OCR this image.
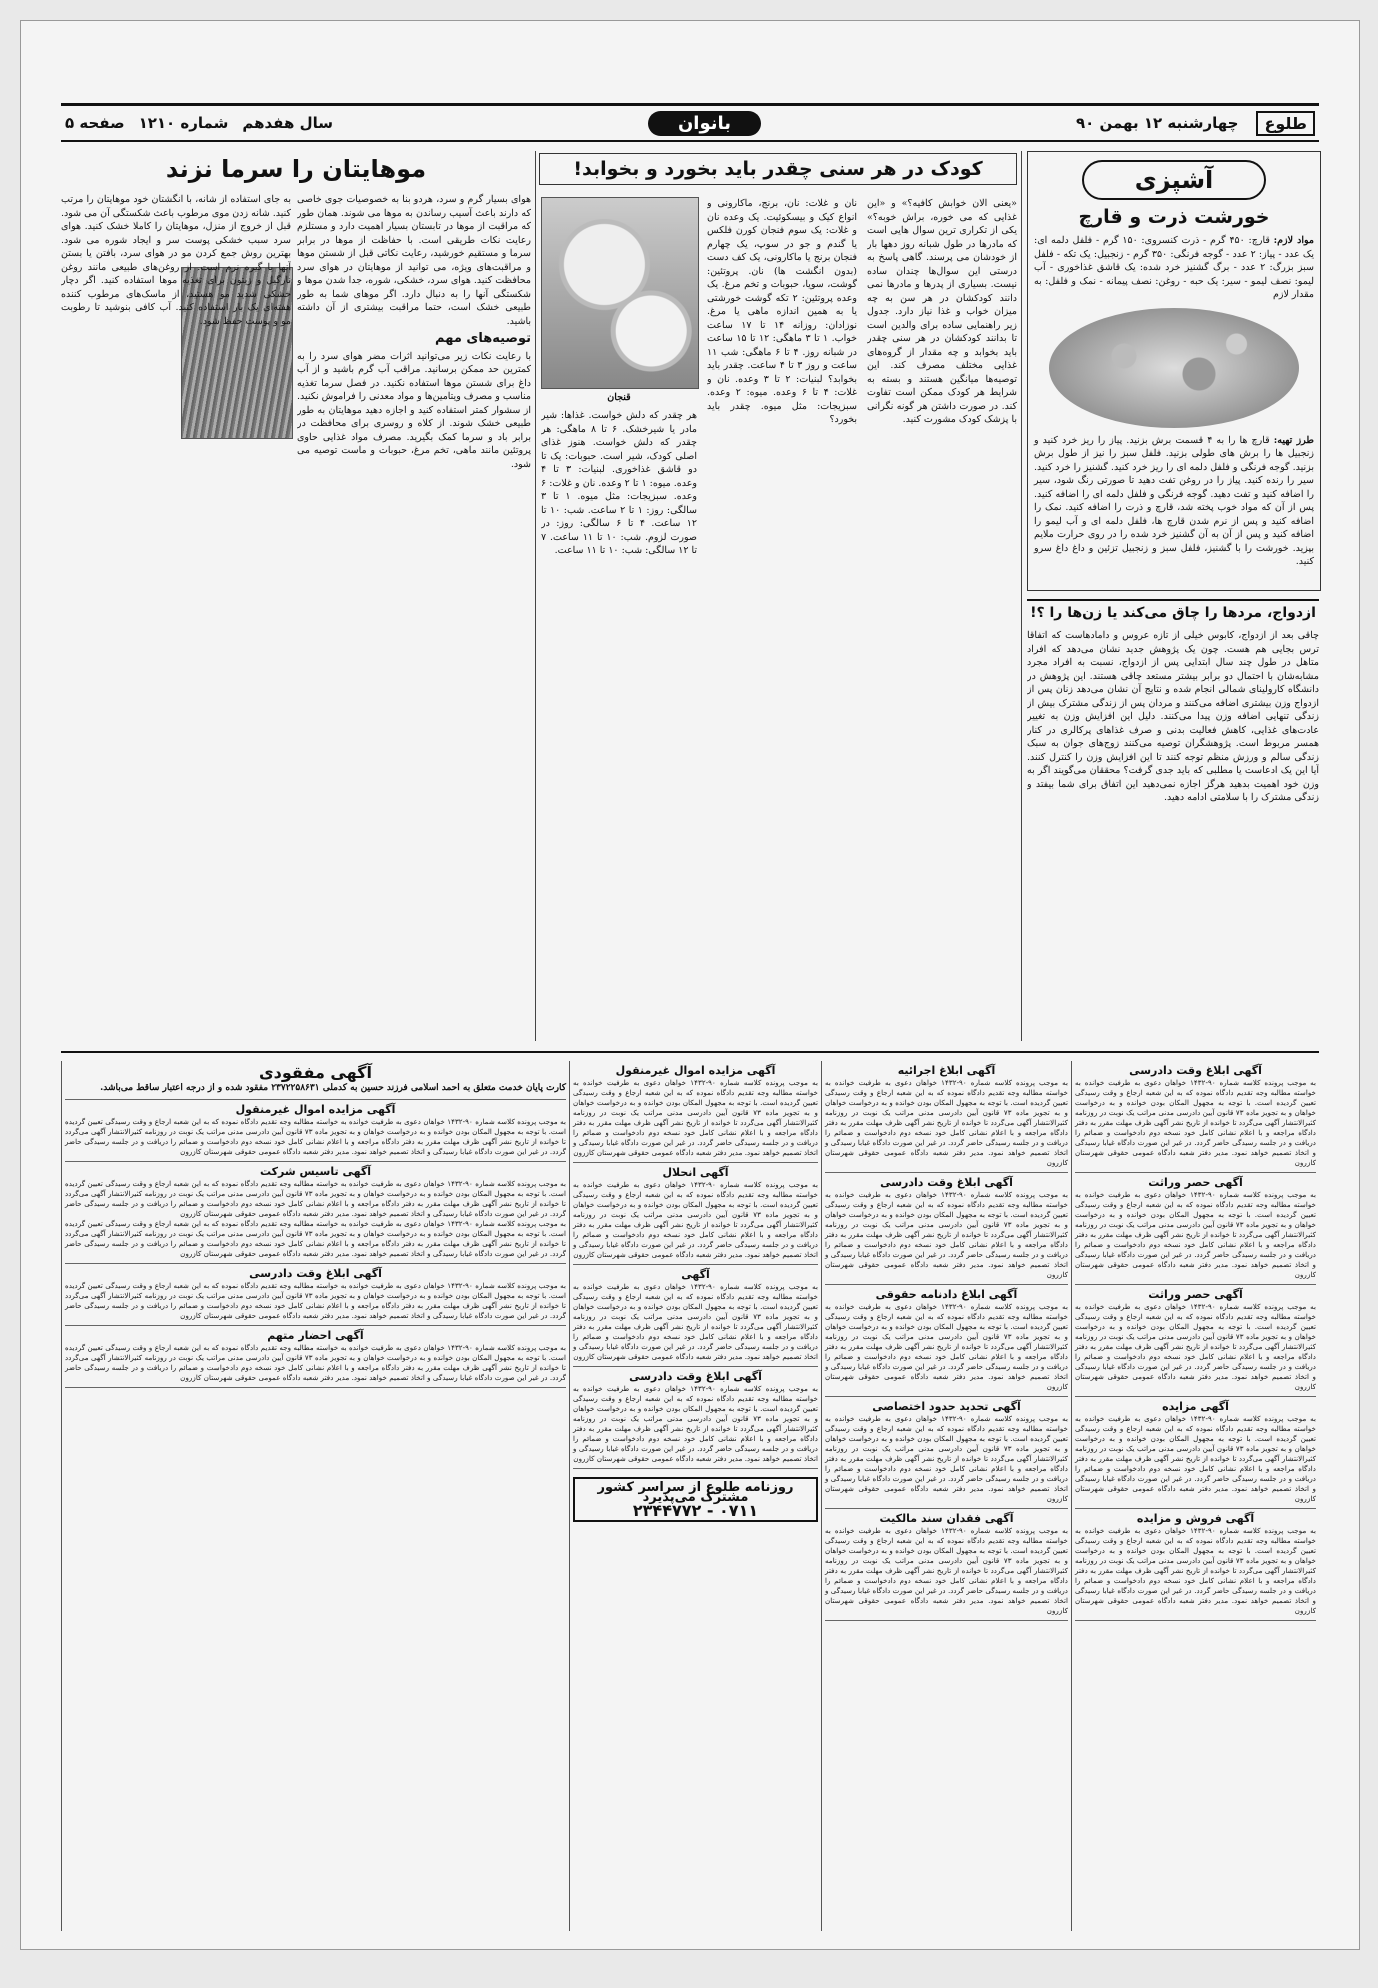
طلوع
چهارشنبه ۱۲ بهمن ۹۰
بانوان
سال هفدهم
شماره ۱۲۱۰
صفحه ۵
آشپزی
خورشت ذرت و قارچ
مواد لازم: قارچ: ۴۵۰ گرم - ذرت کنسروی: ۱۵۰ گرم - فلفل دلمه ای: یک عدد - پیاز: ۲ عدد - گوجه فرنگی: ۳۵۰ گرم - زنجبیل: یک تکه - فلفل سبز بزرگ: ۲ عدد - برگ گشنیز خرد شده: یک قاشق غذاخوری - آب لیمو: نصف لیمو - سیر: یک حبه - روغن: نصف پیمانه - نمک و فلفل: به مقدار لازم
طرز تهیه: قارچ ها را به ۴ قسمت برش بزنید. پیاز را ریز خرد کنید و زنجبیل ها را برش های طولی بزنید. فلفل سبز را نیز از طول برش بزنید. گوجه فرنگی و فلفل دلمه ای را ریز خرد کنید. گشنیز را خرد کنید. سیر را رنده کنید. پیاز را در روغن تفت دهید تا صورتی رنگ شود، سیر را اضافه کنید و تفت دهید. گوجه فرنگی و فلفل دلمه ای را اضافه کنید. پس از آن که مواد خوب پخته شد، قارچ و ذرت را اضافه کنید. نمک را اضافه کنید و پس از نرم شدن قارچ ها، فلفل دلمه ای و آب لیمو را اضافه کنید و پس از آن به آن گشنیز خرد شده را در روی حرارت ملایم بپزید. خورشت را با گشنیز، فلفل سبز و زنجبیل تزئین و داغ داغ سرو کنید.
ازدواج، مردها را چاق می‌کند یا زن‌ها را ؟!
چاقی بعد از ازدواج، کابوس خیلی از تازه عروس و دامادهاست که اتفاقا ترس بجایی هم هست. چون یک پژوهش جدید نشان می‌دهد که افراد متاهل در طول چند سال ابتدایی پس از ازدواج، نسبت به افراد مجرد مشابه‌شان با احتمال دو برابر بیشتر مستعد چاقی هستند. این پژوهش در دانشگاه کارولینای شمالی انجام شده و نتایج آن نشان می‌دهد زنان پس از ازدواج وزن بیشتری اضافه می‌کنند و مردان پس از زندگی مشترک بیش از زندگی تنهایی اضافه وزن پیدا می‌کنند. دلیل این افزایش وزن به تغییر عادت‌های غذایی، کاهش فعالیت بدنی و صرف غذاهای پرکالری در کنار همسر مربوط است. پژوهشگران توصیه می‌کنند زوج‌های جوان به سبک زندگی سالم و ورزش منظم توجه کنند تا این افزایش وزن را کنترل کنند. آیا این یک ادعاست یا مطلبی که باید جدی گرفت؟ محققان می‌گویند اگر به وزن خود اهمیت بدهید هرگز اجازه نمی‌دهید این اتفاق برای شما بیفتد و زندگی مشترک را با سلامتی ادامه دهید.
کودک در هر سنی چقدر باید بخورد و بخوابد!
«یعنی الان خوابش کافیه؟» و «این غذایی که می خوره، براش خوبه؟» یکی از تکراری ترین سوال هایی است که مادرها در طول شبانه روز دهها بار از خودشان می پرسند. گاهی پاسخ به درستی این سوال‌ها چندان ساده نیست. بسیاری از پدرها و مادرها نمی دانند کودکشان در هر سن به چه میزان خواب و غذا نیاز دارد. جدول زیر راهنمایی ساده برای والدین است تا بدانند کودکشان در هر سنی چقدر باید بخوابد و چه مقدار از گروه‌های غذایی مختلف مصرف کند. این توصیه‌ها میانگین هستند و بسته به شرایط هر کودک ممکن است تفاوت کند. در صورت داشتن هر گونه نگرانی با پزشک کودک مشورت کنید.
نان و غلات: نان، برنج، ماکارونی و انواع کیک و بیسکوئیت. یک وعده نان و غلات: یک سوم فنجان کورن فلکس یا گندم و جو در سوپ، یک چهارم فنجان برنج یا ماکارونی، یک کف دست (بدون انگشت ها) نان. پروتئین: گوشت، سویا، حبوبات و تخم مرغ. یک وعده پروتئین: ۲ تکه گوشت خورشتی یا به همین اندازه ماهی یا مرغ. نوزادان: روزانه ۱۴ تا ۱۷ ساعت خواب. ۱ تا ۳ ماهگی: ۱۲ تا ۱۵ ساعت در شبانه روز. ۴ تا ۶ ماهگی: شب ۱۱ ساعت و روز ۳ تا ۴ ساعت. چقدر باید بخوابد؟ لبنیات: ۲ تا ۳ وعده. نان و غلات: ۴ تا ۶ وعده. میوه: ۲ وعده. سبزیجات: مثل میوه. چقدر باید بخورد؟
قنجان
هر چقدر که دلش خواست. غذاها: شیر مادر یا شیرخشک. ۶ تا ۸ ماهگی: هر چقدر که دلش خواست. هنوز غذای اصلی کودک، شیر است. حبوبات: یک تا دو قاشق غذاخوری. لبنیات: ۳ تا ۴ وعده. میوه: ۱ تا ۲ وعده. نان و غلات: ۶ وعده. سبزیجات: مثل میوه. ۱ تا ۳ سالگی: روز: ۱ تا ۲ ساعت. شب: ۱۰ تا ۱۲ ساعت. ۴ تا ۶ سالگی: روز: در صورت لزوم. شب: ۱۰ تا ۱۱ ساعت. ۷ تا ۱۲ سالگی: شب: ۱۰ تا ۱۱ ساعت.
موهایتان را سرما نزند

هوای بسیار گرم و سرد، هردو بنا به خصوصیات جوی خاصی که دارند باعث آسیب رساندن به موها می شوند. همان طور که مراقبت از موها در تابستان بسیار اهمیت دارد و مستلزم رعایت نکات طریقی است. با حفاظت از موها در برابر سرما و مستقیم خورشید، رعایت نکاتی قبل از شستن موها و مراقبت‌های ویژه، می توانید از موهایتان در هوای سرد محافظت کنید. هوای سرد، خشکی، شوره، جدا شدن موها و شکستگی آنها را به دنبال دارد. اگر موهای شما به طور طبیعی خشک است، حتما مراقبت بیشتری از آن داشته باشید.

توصیه‌های مهم

با رعایت نکات زیر می‌توانید اثرات مضر هوای سرد را به کمترین حد ممکن برسانید. مراقب آب گرم باشید و از آب داغ برای شستن موها استفاده نکنید. در فصل سرما تغذیه مناسب و مصرف ویتامین‌ها و مواد معدنی را فراموش نکنید. از سشوار کمتر استفاده کنید و اجازه دهید موهایتان به طور طبیعی خشک شوند. از کلاه و روسری برای محافظت در برابر باد و سرما کمک بگیرید. مصرف مواد غذایی حاوی پروتئین مانند ماهی، تخم مرغ، حبوبات و ماست توصیه می شود.

به جای استفاده از شانه، با انگشتان خود موهایتان را مرتب کنید. شانه زدن موی مرطوب باعث شکستگی آن می شود. قبل از خروج از منزل، موهایتان را کاملا خشک کنید. هوای سرد سبب خشکی پوست سر و ایجاد شوره می شود. بهترین روش جمع کردن مو در هوای سرد، بافتن یا بستن آنها با گیره نرم است. از روغن‌های طبیعی مانند روغن نارگیل و زیتون برای تغذیه موها استفاده کنید. اگر دچار خشکی شدید مو هستید، از ماسک‌های مرطوب کننده هفته‌ای یک بار استفاده کنید. آب کافی بنوشید تا رطوبت مو و پوست حفظ شود.
آگهی ابلاغ وقت دادرسی
به موجب پرونده کلاسه شماره ۹۰-۱۴۳۲ خواهان دعوی به طرفیت خوانده به خواسته مطالبه وجه تقدیم دادگاه نموده که به این شعبه ارجاع و وقت رسیدگی تعیین گردیده است. با توجه به مجهول المکان بودن خوانده و به درخواست خواهان و به تجویز ماده ۷۳ قانون آیین دادرسی مدنی مراتب یک نوبت در روزنامه کثیرالانتشار آگهی می‌گردد تا خوانده از تاریخ نشر آگهی ظرف مهلت مقرر به دفتر دادگاه مراجعه و با اعلام نشانی کامل خود نسخه دوم دادخواست و ضمائم را دریافت و در جلسه رسیدگی حاضر گردد. در غیر این صورت دادگاه غیابا رسیدگی و اتخاذ تصمیم خواهد نمود. مدیر دفتر شعبه دادگاه عمومی حقوقی شهرستان کازرون
آگهی حصر وراثت
به موجب پرونده کلاسه شماره ۹۰-۱۴۳۲ خواهان دعوی به طرفیت خوانده به خواسته مطالبه وجه تقدیم دادگاه نموده که به این شعبه ارجاع و وقت رسیدگی تعیین گردیده است. با توجه به مجهول المکان بودن خوانده و به درخواست خواهان و به تجویز ماده ۷۳ قانون آیین دادرسی مدنی مراتب یک نوبت در روزنامه کثیرالانتشار آگهی می‌گردد تا خوانده از تاریخ نشر آگهی ظرف مهلت مقرر به دفتر دادگاه مراجعه و با اعلام نشانی کامل خود نسخه دوم دادخواست و ضمائم را دریافت و در جلسه رسیدگی حاضر گردد. در غیر این صورت دادگاه غیابا رسیدگی و اتخاذ تصمیم خواهد نمود. مدیر دفتر شعبه دادگاه عمومی حقوقی شهرستان کازرون
آگهی حصر وراثت
به موجب پرونده کلاسه شماره ۹۰-۱۴۳۲ خواهان دعوی به طرفیت خوانده به خواسته مطالبه وجه تقدیم دادگاه نموده که به این شعبه ارجاع و وقت رسیدگی تعیین گردیده است. با توجه به مجهول المکان بودن خوانده و به درخواست خواهان و به تجویز ماده ۷۳ قانون آیین دادرسی مدنی مراتب یک نوبت در روزنامه کثیرالانتشار آگهی می‌گردد تا خوانده از تاریخ نشر آگهی ظرف مهلت مقرر به دفتر دادگاه مراجعه و با اعلام نشانی کامل خود نسخه دوم دادخواست و ضمائم را دریافت و در جلسه رسیدگی حاضر گردد. در غیر این صورت دادگاه غیابا رسیدگی و اتخاذ تصمیم خواهد نمود. مدیر دفتر شعبه دادگاه عمومی حقوقی شهرستان کازرون
آگهی مزایده
به موجب پرونده کلاسه شماره ۹۰-۱۴۳۲ خواهان دعوی به طرفیت خوانده به خواسته مطالبه وجه تقدیم دادگاه نموده که به این شعبه ارجاع و وقت رسیدگی تعیین گردیده است. با توجه به مجهول المکان بودن خوانده و به درخواست خواهان و به تجویز ماده ۷۳ قانون آیین دادرسی مدنی مراتب یک نوبت در روزنامه کثیرالانتشار آگهی می‌گردد تا خوانده از تاریخ نشر آگهی ظرف مهلت مقرر به دفتر دادگاه مراجعه و با اعلام نشانی کامل خود نسخه دوم دادخواست و ضمائم را دریافت و در جلسه رسیدگی حاضر گردد. در غیر این صورت دادگاه غیابا رسیدگی و اتخاذ تصمیم خواهد نمود. مدیر دفتر شعبه دادگاه عمومی حقوقی شهرستان کازرون
آگهی فروش و مزایده
به موجب پرونده کلاسه شماره ۹۰-۱۴۳۲ خواهان دعوی به طرفیت خوانده به خواسته مطالبه وجه تقدیم دادگاه نموده که به این شعبه ارجاع و وقت رسیدگی تعیین گردیده است. با توجه به مجهول المکان بودن خوانده و به درخواست خواهان و به تجویز ماده ۷۳ قانون آیین دادرسی مدنی مراتب یک نوبت در روزنامه کثیرالانتشار آگهی می‌گردد تا خوانده از تاریخ نشر آگهی ظرف مهلت مقرر به دفتر دادگاه مراجعه و با اعلام نشانی کامل خود نسخه دوم دادخواست و ضمائم را دریافت و در جلسه رسیدگی حاضر گردد. در غیر این صورت دادگاه غیابا رسیدگی و اتخاذ تصمیم خواهد نمود. مدیر دفتر شعبه دادگاه عمومی حقوقی شهرستان کازرون
آگهی ابلاغ اجرائیه
به موجب پرونده کلاسه شماره ۹۰-۱۴۳۲ خواهان دعوی به طرفیت خوانده به خواسته مطالبه وجه تقدیم دادگاه نموده که به این شعبه ارجاع و وقت رسیدگی تعیین گردیده است. با توجه به مجهول المکان بودن خوانده و به درخواست خواهان و به تجویز ماده ۷۳ قانون آیین دادرسی مدنی مراتب یک نوبت در روزنامه کثیرالانتشار آگهی می‌گردد تا خوانده از تاریخ نشر آگهی ظرف مهلت مقرر به دفتر دادگاه مراجعه و با اعلام نشانی کامل خود نسخه دوم دادخواست و ضمائم را دریافت و در جلسه رسیدگی حاضر گردد. در غیر این صورت دادگاه غیابا رسیدگی و اتخاذ تصمیم خواهد نمود. مدیر دفتر شعبه دادگاه عمومی حقوقی شهرستان کازرون
آگهی ابلاغ وقت دادرسی
به موجب پرونده کلاسه شماره ۹۰-۱۴۳۲ خواهان دعوی به طرفیت خوانده به خواسته مطالبه وجه تقدیم دادگاه نموده که به این شعبه ارجاع و وقت رسیدگی تعیین گردیده است. با توجه به مجهول المکان بودن خوانده و به درخواست خواهان و به تجویز ماده ۷۳ قانون آیین دادرسی مدنی مراتب یک نوبت در روزنامه کثیرالانتشار آگهی می‌گردد تا خوانده از تاریخ نشر آگهی ظرف مهلت مقرر به دفتر دادگاه مراجعه و با اعلام نشانی کامل خود نسخه دوم دادخواست و ضمائم را دریافت و در جلسه رسیدگی حاضر گردد. در غیر این صورت دادگاه غیابا رسیدگی و اتخاذ تصمیم خواهد نمود. مدیر دفتر شعبه دادگاه عمومی حقوقی شهرستان کازرون
آگهی ابلاغ دادنامه حقوقی
به موجب پرونده کلاسه شماره ۹۰-۱۴۳۲ خواهان دعوی به طرفیت خوانده به خواسته مطالبه وجه تقدیم دادگاه نموده که به این شعبه ارجاع و وقت رسیدگی تعیین گردیده است. با توجه به مجهول المکان بودن خوانده و به درخواست خواهان و به تجویز ماده ۷۳ قانون آیین دادرسی مدنی مراتب یک نوبت در روزنامه کثیرالانتشار آگهی می‌گردد تا خوانده از تاریخ نشر آگهی ظرف مهلت مقرر به دفتر دادگاه مراجعه و با اعلام نشانی کامل خود نسخه دوم دادخواست و ضمائم را دریافت و در جلسه رسیدگی حاضر گردد. در غیر این صورت دادگاه غیابا رسیدگی و اتخاذ تصمیم خواهد نمود. مدیر دفتر شعبه دادگاه عمومی حقوقی شهرستان کازرون
آگهی تحدید حدود اختصاصی
به موجب پرونده کلاسه شماره ۹۰-۱۴۳۲ خواهان دعوی به طرفیت خوانده به خواسته مطالبه وجه تقدیم دادگاه نموده که به این شعبه ارجاع و وقت رسیدگی تعیین گردیده است. با توجه به مجهول المکان بودن خوانده و به درخواست خواهان و به تجویز ماده ۷۳ قانون آیین دادرسی مدنی مراتب یک نوبت در روزنامه کثیرالانتشار آگهی می‌گردد تا خوانده از تاریخ نشر آگهی ظرف مهلت مقرر به دفتر دادگاه مراجعه و با اعلام نشانی کامل خود نسخه دوم دادخواست و ضمائم را دریافت و در جلسه رسیدگی حاضر گردد. در غیر این صورت دادگاه غیابا رسیدگی و اتخاذ تصمیم خواهد نمود. مدیر دفتر شعبه دادگاه عمومی حقوقی شهرستان کازرون
آگهی فقدان سند مالکیت
به موجب پرونده کلاسه شماره ۹۰-۱۴۳۲ خواهان دعوی به طرفیت خوانده به خواسته مطالبه وجه تقدیم دادگاه نموده که به این شعبه ارجاع و وقت رسیدگی تعیین گردیده است. با توجه به مجهول المکان بودن خوانده و به درخواست خواهان و به تجویز ماده ۷۳ قانون آیین دادرسی مدنی مراتب یک نوبت در روزنامه کثیرالانتشار آگهی می‌گردد تا خوانده از تاریخ نشر آگهی ظرف مهلت مقرر به دفتر دادگاه مراجعه و با اعلام نشانی کامل خود نسخه دوم دادخواست و ضمائم را دریافت و در جلسه رسیدگی حاضر گردد. در غیر این صورت دادگاه غیابا رسیدگی و اتخاذ تصمیم خواهد نمود. مدیر دفتر شعبه دادگاه عمومی حقوقی شهرستان کازرون
آگهی مزایده اموال غیرمنقول
به موجب پرونده کلاسه شماره ۹۰-۱۴۳۲ خواهان دعوی به طرفیت خوانده به خواسته مطالبه وجه تقدیم دادگاه نموده که به این شعبه ارجاع و وقت رسیدگی تعیین گردیده است. با توجه به مجهول المکان بودن خوانده و به درخواست خواهان و به تجویز ماده ۷۳ قانون آیین دادرسی مدنی مراتب یک نوبت در روزنامه کثیرالانتشار آگهی می‌گردد تا خوانده از تاریخ نشر آگهی ظرف مهلت مقرر به دفتر دادگاه مراجعه و با اعلام نشانی کامل خود نسخه دوم دادخواست و ضمائم را دریافت و در جلسه رسیدگی حاضر گردد. در غیر این صورت دادگاه غیابا رسیدگی و اتخاذ تصمیم خواهد نمود. مدیر دفتر شعبه دادگاه عمومی حقوقی شهرستان کازرون
آگهی انحلال
به موجب پرونده کلاسه شماره ۹۰-۱۴۳۲ خواهان دعوی به طرفیت خوانده به خواسته مطالبه وجه تقدیم دادگاه نموده که به این شعبه ارجاع و وقت رسیدگی تعیین گردیده است. با توجه به مجهول المکان بودن خوانده و به درخواست خواهان و به تجویز ماده ۷۳ قانون آیین دادرسی مدنی مراتب یک نوبت در روزنامه کثیرالانتشار آگهی می‌گردد تا خوانده از تاریخ نشر آگهی ظرف مهلت مقرر به دفتر دادگاه مراجعه و با اعلام نشانی کامل خود نسخه دوم دادخواست و ضمائم را دریافت و در جلسه رسیدگی حاضر گردد. در غیر این صورت دادگاه غیابا رسیدگی و اتخاذ تصمیم خواهد نمود. مدیر دفتر شعبه دادگاه عمومی حقوقی شهرستان کازرون
آگهی
به موجب پرونده کلاسه شماره ۹۰-۱۴۳۲ خواهان دعوی به طرفیت خوانده به خواسته مطالبه وجه تقدیم دادگاه نموده که به این شعبه ارجاع و وقت رسیدگی تعیین گردیده است. با توجه به مجهول المکان بودن خوانده و به درخواست خواهان و به تجویز ماده ۷۳ قانون آیین دادرسی مدنی مراتب یک نوبت در روزنامه کثیرالانتشار آگهی می‌گردد تا خوانده از تاریخ نشر آگهی ظرف مهلت مقرر به دفتر دادگاه مراجعه و با اعلام نشانی کامل خود نسخه دوم دادخواست و ضمائم را دریافت و در جلسه رسیدگی حاضر گردد. در غیر این صورت دادگاه غیابا رسیدگی و اتخاذ تصمیم خواهد نمود. مدیر دفتر شعبه دادگاه عمومی حقوقی شهرستان کازرون
آگهی ابلاغ وقت دادرسی
به موجب پرونده کلاسه شماره ۹۰-۱۴۳۲ خواهان دعوی به طرفیت خوانده به خواسته مطالبه وجه تقدیم دادگاه نموده که به این شعبه ارجاع و وقت رسیدگی تعیین گردیده است. با توجه به مجهول المکان بودن خوانده و به درخواست خواهان و به تجویز ماده ۷۳ قانون آیین دادرسی مدنی مراتب یک نوبت در روزنامه کثیرالانتشار آگهی می‌گردد تا خوانده از تاریخ نشر آگهی ظرف مهلت مقرر به دفتر دادگاه مراجعه و با اعلام نشانی کامل خود نسخه دوم دادخواست و ضمائم را دریافت و در جلسه رسیدگی حاضر گردد. در غیر این صورت دادگاه غیابا رسیدگی و اتخاذ تصمیم خواهد نمود. مدیر دفتر شعبه دادگاه عمومی حقوقی شهرستان کازرون
روزنامه طلوع از سراسر کشور مشترک می‌پذیرد
۰۷۱۱ - ۲۳۴۴۷۷۲
آگهی مفقودی
کارت پایان خدمت متعلق به احمد اسلامی فرزند حسین به کدملی ۲۳۷۲۲۵۸۶۳۱ مفقود شده و از درجه اعتبار ساقط می‌باشد.
آگهی مزایده اموال غیرمنقول
به موجب پرونده کلاسه شماره ۹۰-۱۴۳۲ خواهان دعوی به طرفیت خوانده به خواسته مطالبه وجه تقدیم دادگاه نموده که به این شعبه ارجاع و وقت رسیدگی تعیین گردیده است. با توجه به مجهول المکان بودن خوانده و به درخواست خواهان و به تجویز ماده ۷۳ قانون آیین دادرسی مدنی مراتب یک نوبت در روزنامه کثیرالانتشار آگهی می‌گردد تا خوانده از تاریخ نشر آگهی ظرف مهلت مقرر به دفتر دادگاه مراجعه و با اعلام نشانی کامل خود نسخه دوم دادخواست و ضمائم را دریافت و در جلسه رسیدگی حاضر گردد. در غیر این صورت دادگاه غیابا رسیدگی و اتخاذ تصمیم خواهد نمود. مدیر دفتر شعبه دادگاه عمومی حقوقی شهرستان کازرون
آگهی تاسیس شرکت
به موجب پرونده کلاسه شماره ۹۰-۱۴۳۲ خواهان دعوی به طرفیت خوانده به خواسته مطالبه وجه تقدیم دادگاه نموده که به این شعبه ارجاع و وقت رسیدگی تعیین گردیده است. با توجه به مجهول المکان بودن خوانده و به درخواست خواهان و به تجویز ماده ۷۳ قانون آیین دادرسی مدنی مراتب یک نوبت در روزنامه کثیرالانتشار آگهی می‌گردد تا خوانده از تاریخ نشر آگهی ظرف مهلت مقرر به دفتر دادگاه مراجعه و با اعلام نشانی کامل خود نسخه دوم دادخواست و ضمائم را دریافت و در جلسه رسیدگی حاضر گردد. در غیر این صورت دادگاه غیابا رسیدگی و اتخاذ تصمیم خواهد نمود. مدیر دفتر شعبه دادگاه عمومی حقوقی شهرستان کازرون
به موجب پرونده کلاسه شماره ۹۰-۱۴۳۲ خواهان دعوی به طرفیت خوانده به خواسته مطالبه وجه تقدیم دادگاه نموده که به این شعبه ارجاع و وقت رسیدگی تعیین گردیده است. با توجه به مجهول المکان بودن خوانده و به درخواست خواهان و به تجویز ماده ۷۳ قانون آیین دادرسی مدنی مراتب یک نوبت در روزنامه کثیرالانتشار آگهی می‌گردد تا خوانده از تاریخ نشر آگهی ظرف مهلت مقرر به دفتر دادگاه مراجعه و با اعلام نشانی کامل خود نسخه دوم دادخواست و ضمائم را دریافت و در جلسه رسیدگی حاضر گردد. در غیر این صورت دادگاه غیابا رسیدگی و اتخاذ تصمیم خواهد نمود. مدیر دفتر شعبه دادگاه عمومی حقوقی شهرستان کازرون
آگهی ابلاغ وقت دادرسی
به موجب پرونده کلاسه شماره ۹۰-۱۴۳۲ خواهان دعوی به طرفیت خوانده به خواسته مطالبه وجه تقدیم دادگاه نموده که به این شعبه ارجاع و وقت رسیدگی تعیین گردیده است. با توجه به مجهول المکان بودن خوانده و به درخواست خواهان و به تجویز ماده ۷۳ قانون آیین دادرسی مدنی مراتب یک نوبت در روزنامه کثیرالانتشار آگهی می‌گردد تا خوانده از تاریخ نشر آگهی ظرف مهلت مقرر به دفتر دادگاه مراجعه و با اعلام نشانی کامل خود نسخه دوم دادخواست و ضمائم را دریافت و در جلسه رسیدگی حاضر گردد. در غیر این صورت دادگاه غیابا رسیدگی و اتخاذ تصمیم خواهد نمود. مدیر دفتر شعبه دادگاه عمومی حقوقی شهرستان کازرون
آگهی احضار متهم
به موجب پرونده کلاسه شماره ۹۰-۱۴۳۲ خواهان دعوی به طرفیت خوانده به خواسته مطالبه وجه تقدیم دادگاه نموده که به این شعبه ارجاع و وقت رسیدگی تعیین گردیده است. با توجه به مجهول المکان بودن خوانده و به درخواست خواهان و به تجویز ماده ۷۳ قانون آیین دادرسی مدنی مراتب یک نوبت در روزنامه کثیرالانتشار آگهی می‌گردد تا خوانده از تاریخ نشر آگهی ظرف مهلت مقرر به دفتر دادگاه مراجعه و با اعلام نشانی کامل خود نسخه دوم دادخواست و ضمائم را دریافت و در جلسه رسیدگی حاضر گردد. در غیر این صورت دادگاه غیابا رسیدگی و اتخاذ تصمیم خواهد نمود. مدیر دفتر شعبه دادگاه عمومی حقوقی شهرستان کازرون
